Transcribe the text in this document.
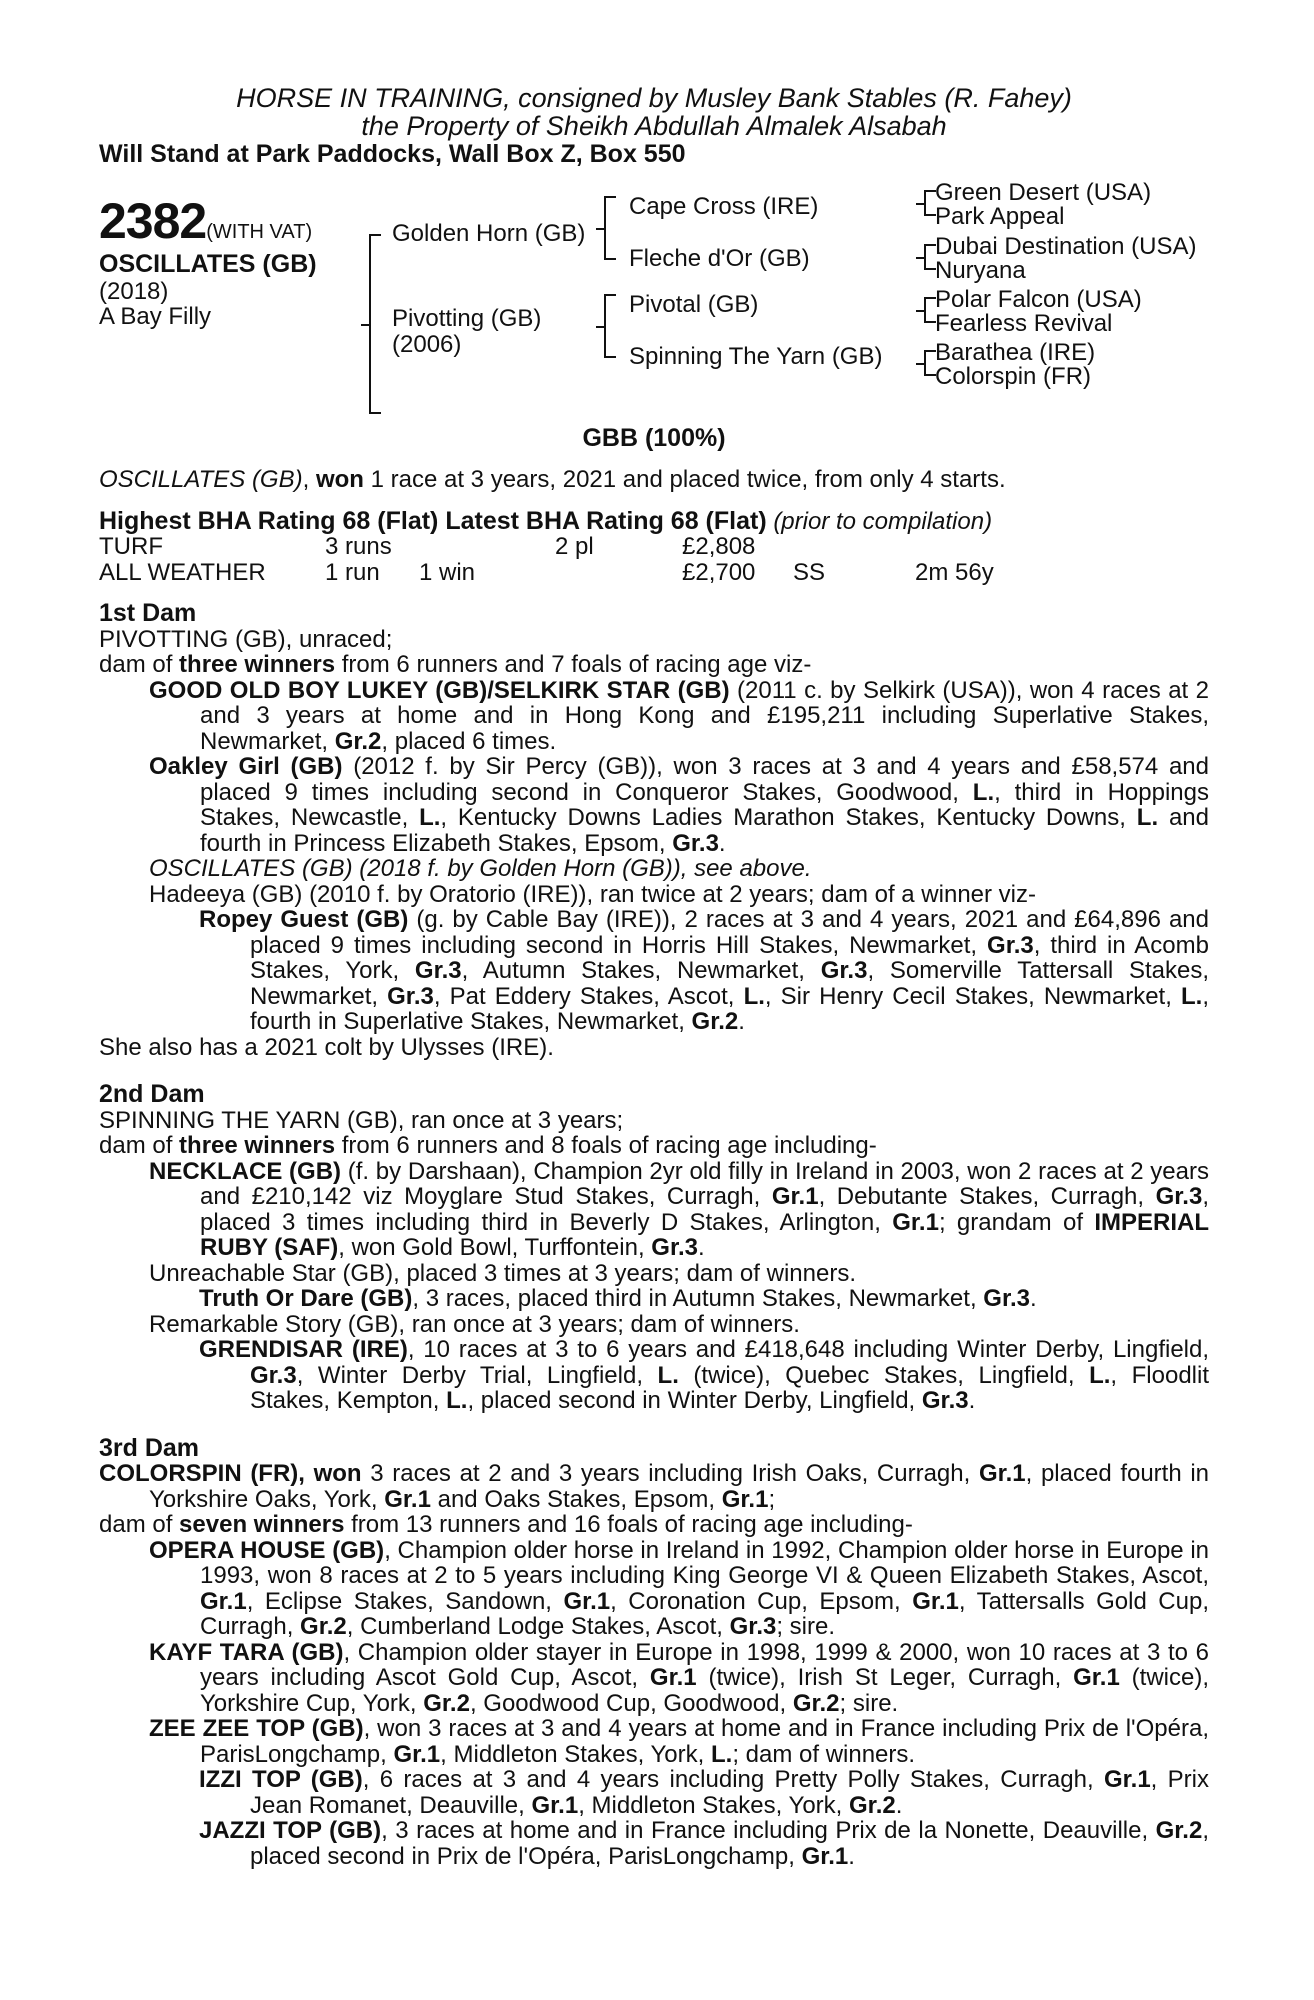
HORSE IN TRAINING, consigned by Musley Bank Stables (R. Fahey)
the Property of Sheikh Abdullah Almalek Alsabah
Will Stand at Park Paddocks, Wall Box Z, Box 550
2382(WITH VAT)
OSCILLATES (GB)
(2018)
A Bay Filly
Golden Horn (GB)
Pivotting (GB)
(2006)
Cape Cross (IRE)
Fleche d'Or (GB)
Pivotal (GB)
Spinning The Yarn (GB)
Green Desert (USA)
Park Appeal
Dubai Destination (USA)
Nuryana
Polar Falcon (USA)
Fearless Revival
Barathea (IRE)
Colorspin (FR)
GBB (100%)

OSCILLATES (GB), won 1 race at 3 years, 2021 and placed twice, from only 4 starts.

Highest BHA Rating 68 (Flat) Latest BHA Rating 68 (Flat) (prior to compilation)

TURF	3 runs	2 pl	£2,808
ALL WEATHER 1 run 1 win	£2,700 SS	2m 56y
1st Dam

PIVOTTING (GB), unraced;

dam of three winners from 6 runners and 7 foals of racing age viz-

GOOD OLD BOY LUKEY (GB)/SELKIRK STAR (GB) (2011 c. by Selkirk (USA)), won 4 races at 2 and 3 years at home and in Hong Kong and £195,211 including Superlative Stakes, Newmarket, Gr.2, placed 6 times.

Oakley Girl (GB) (2012 f. by Sir Percy (GB)), won 3 races at 3 and 4 years and £58,574 and placed 9 times including second in Conqueror Stakes, Goodwood, L., third in Hoppings Stakes, Newcastle, L., Kentucky Downs Ladies Marathon Stakes, Kentucky Downs, L. and fourth in Princess Elizabeth Stakes, Epsom, Gr.3.

OSCILLATES (GB) (2018 f. by Golden Horn (GB)), see above.

Hadeeya (GB) (2010 f. by Oratorio (IRE)), ran twice at 2 years; dam of a winner viz-

Ropey Guest (GB) (g. by Cable Bay (IRE)), 2 races at 3 and 4 years, 2021 and £64,896 and placed 9 times including second in Horris Hill Stakes, Newmarket, Gr.3, third in Acomb Stakes, York, Gr.3, Autumn Stakes, Newmarket, Gr.3, Somerville Tattersall Stakes, Newmarket, Gr.3, Pat Eddery Stakes, Ascot, L., Sir Henry Cecil Stakes, Newmarket, L., fourth in Superlative Stakes, Newmarket, Gr.2.

She also has a 2021 colt by Ulysses (IRE).

2nd Dam

SPINNING THE YARN (GB), ran once at 3 years;

dam of three winners from 6 runners and 8 foals of racing age including-

NECKLACE (GB) (f. by Darshaan), Champion 2yr old filly in Ireland in 2003, won 2 races at 2 years and £210,142 viz Moyglare Stud Stakes, Curragh, Gr.1, Debutante Stakes, Curragh, Gr.3, placed 3 times including third in Beverly D Stakes, Arlington, Gr.1; grandam of IMPERIAL RUBY (SAF), won Gold Bowl, Turffontein, Gr.3.

Unreachable Star (GB), placed 3 times at 3 years; dam of winners.

Truth Or Dare (GB), 3 races, placed third in Autumn Stakes, Newmarket, Gr.3.

Remarkable Story (GB), ran once at 3 years; dam of winners.

GRENDISAR (IRE), 10 races at 3 to 6 years and £418,648 including Winter Derby, Lingfield, Gr.3, Winter Derby Trial, Lingfield, L. (twice), Quebec Stakes, Lingfield, L., Floodlit Stakes, Kempton, L., placed second in Winter Derby, Lingfield, Gr.3.

3rd Dam

COLORSPIN (FR), won 3 races at 2 and 3 years including Irish Oaks, Curragh, Gr.1, placed fourth in Yorkshire Oaks, York, Gr.1 and Oaks Stakes, Epsom, Gr.1;

dam of seven winners from 13 runners and 16 foals of racing age including-

OPERA HOUSE (GB), Champion older horse in Ireland in 1992, Champion older horse in Europe in 1993, won 8 races at 2 to 5 years including King George VI & Queen Elizabeth Stakes, Ascot, Gr.1, Eclipse Stakes, Sandown, Gr.1, Coronation Cup, Epsom, Gr.1, Tattersalls Gold Cup, Curragh, Gr.2, Cumberland Lodge Stakes, Ascot, Gr.3; sire.

KAYF TARA (GB), Champion older stayer in Europe in 1998, 1999 & 2000, won 10 races at 3 to 6 years including Ascot Gold Cup, Ascot, Gr.1 (twice), Irish St Leger, Curragh, Gr.1 (twice), Yorkshire Cup, York, Gr.2, Goodwood Cup, Goodwood, Gr.2; sire.

ZEE ZEE TOP (GB), won 3 races at 3 and 4 years at home and in France including Prix de l'Opéra, ParisLongchamp, Gr.1, Middleton Stakes, York, L.; dam of winners.

IZZI TOP (GB), 6 races at 3 and 4 years including Pretty Polly Stakes, Curragh, Gr.1, Prix Jean Romanet, Deauville, Gr.1, Middleton Stakes, York, Gr.2.

JAZZI TOP (GB), 3 races at home and in France including Prix de la Nonette, Deauville, Gr.2, placed second in Prix de l'Opéra, ParisLongchamp, Gr.1.
